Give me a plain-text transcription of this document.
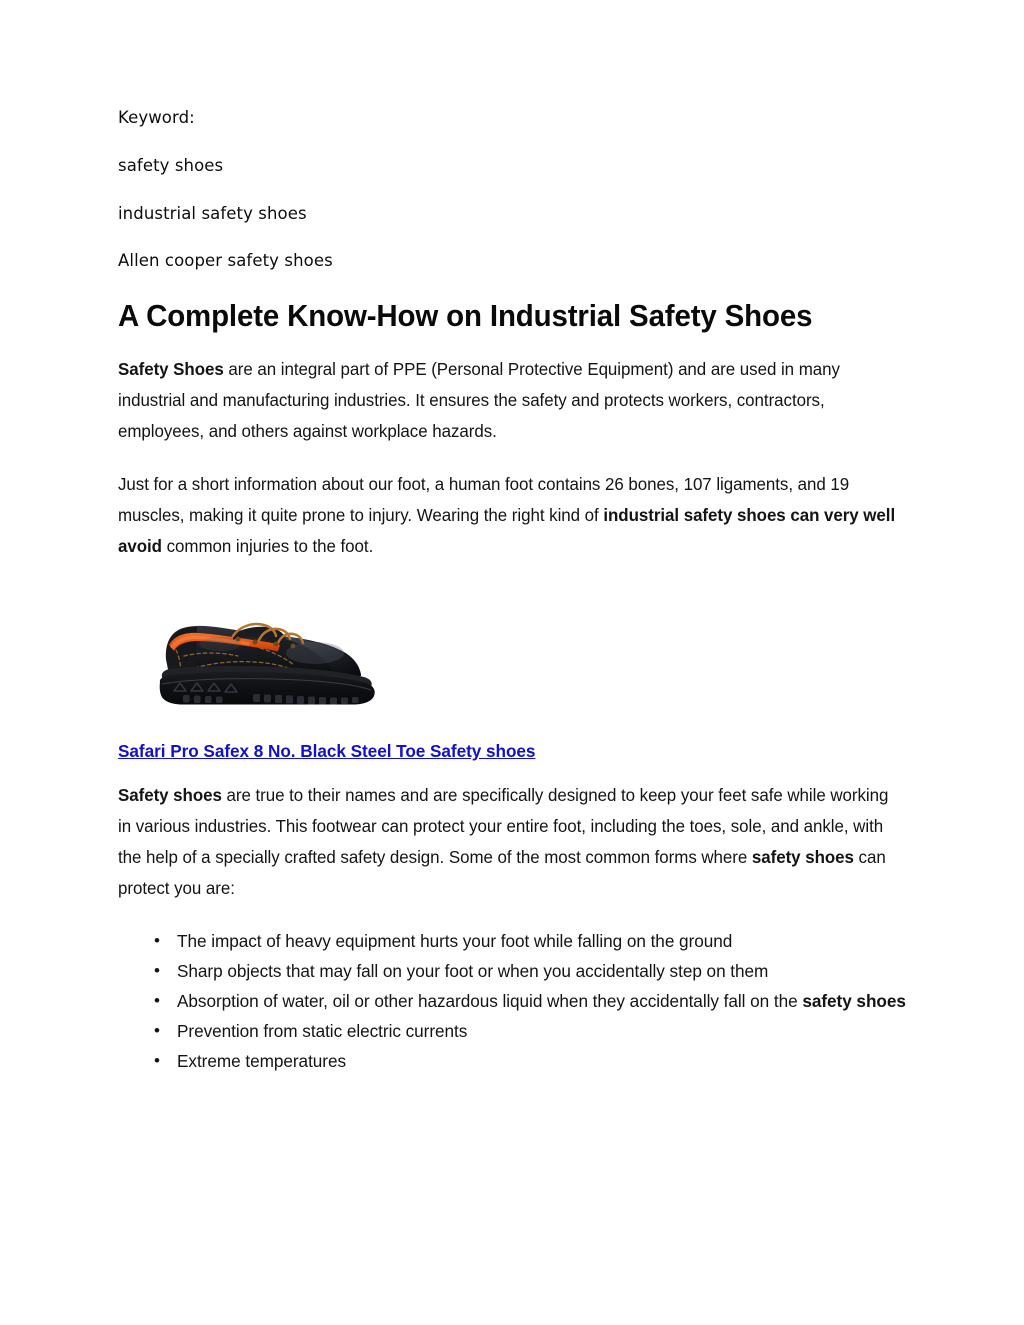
Keyword:

safety shoes

industrial safety shoes

Allen cooper safety shoes

A Complete Know-How on Industrial Safety Shoes

Safety Shoes are an integral part of PPE (Personal Protective Equipment) and are used in many industrial and manufacturing industries. It ensures the safety and protects workers, contractors, employees, and others against workplace hazards.

Just for a short information about our foot, a human foot contains 26 bones, 107 ligaments, and 19 muscles, making it quite prone to injury. Wearing the right kind of industrial safety shoes can very well avoid common injuries to the foot.

Safari Pro Safex 8 No. Black Steel Toe Safety shoes

Safety shoes are true to their names and are specifically designed to keep your feet safe while working in various industries. This footwear can protect your entire foot, including the toes, sole, and ankle, with the help of a specially crafted safety design. Some of the most common forms where safety shoes can protect you are:

• The impact of heavy equipment hurts your foot while falling on the ground
• Sharp objects that may fall on your foot or when you accidentally step on them
• Absorption of water, oil or other hazardous liquid when they accidentally fall on the safety shoes
• Prevention from static electric currents
• Extreme temperatures
